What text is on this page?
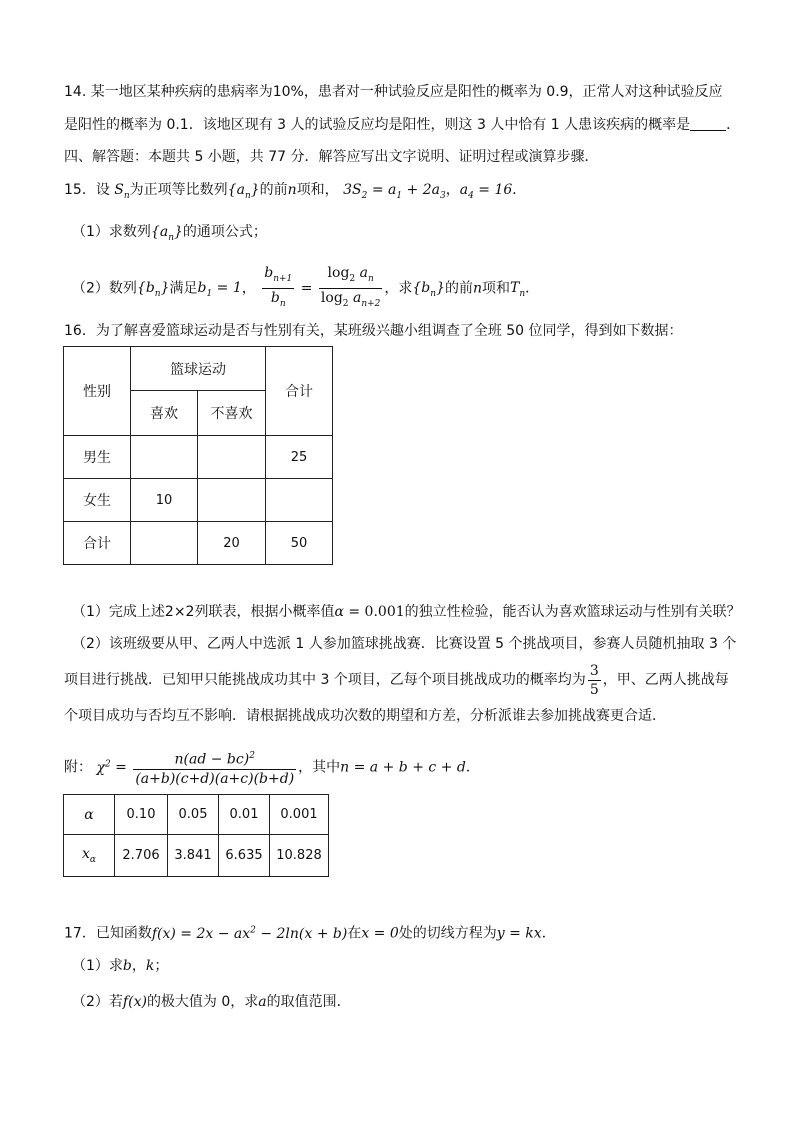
14. 某一地区某种疾病的患病率为10%，患者对一种试验反应是阳性的概率为 0.9，正常人对这种试验反应
是阳性的概率为 0.1．该地区现有 3 人的试验反应均是阳性，则这 3 人中恰有 1 人患该疾病的概率是	．
四、解答题：本题共 5 小题，共 77 分．解答应写出文字说明、证明过程或演算步骤．
15．设 $S_n$为正项等比数列$\{a_n\}$的前n项和， $3S_2 = a_1 + 2a_3$，$a_4 = 16$．
（1）求数列$\{a_n\}$的通项公式；
（2）数列$\{b_n\}$满足$b_1 = 1$， $\frac{b_{n+1}}{b_n} = \frac{\log_2 a_n}{\log_2 a_{n+2}}$ ，求$\{b_n\}$的前n项和$T_n$．
16．为了解喜爱篮球运动是否与性别有关，某班级兴趣小组调查了全班 50 位同学，得到如下数据：
性别	篮球运动		合计
	喜欢	不喜欢	
男生			25
女生	10		
合计		20	50
（1）完成上述2×2列联表，根据小概率值α = 0.001的独立性检验，能否认为喜欢篮球运动与性别有关联？
（2）该班级要从甲、乙两人中选派 1 人参加篮球挑战赛．比赛设置 5 个挑战项目，参赛人员随机抽取 3 个
项目进行挑战．已知甲只能挑战成功其中 3 个项目，乙每个项目挑战成功的概率均为 $\frac{3}{5}$ ，甲、乙两人挑战每
个项目成功与否均互不影响．请根据挑战成功次数的期望和方差，分析派谁去参加挑战赛更合适．
附： $\chi^2 = \frac{n(ad - bc)^2}{(a+b)(c+d)(a+c)(b+d)}$ ，其中n = a + b + c + d．
α	0.10	0.05	0.01	0.001
$x_\alpha$	2.706	3.841	6.635	10.828
17．已知函数$f(x) = 2x - ax^2 - 2\ln(x + b)$在x = 0处的切线方程为y = kx．
（1）求b，k；
（2）若f(x)的极大值为 0，求a的取值范围．
